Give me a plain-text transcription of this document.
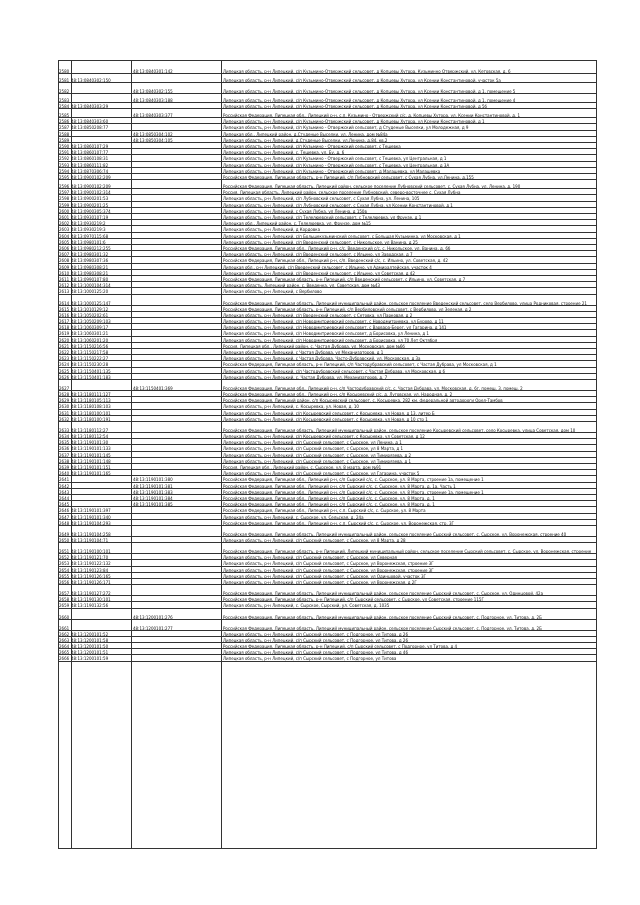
2580	48:13:0840301:142	Липецкая область, р-н Липецкий, с/п Кузьмино-Отвержский сельсовет, д Копцевы Хутора, Кузьминно Отвержский, ул. Кетовская, д. 6
2581 48:13:0840302:150	Липецкая область, р-н Липецкий, с/п Кузьмино-Отвержский сельсовет, д Копцевы Хутора, ул Ксении Константиновой, участок 5а
2582	48:13:0840302:155	Липецкая область, р-н Липецкий, с/п Кузьмино-Отвержский сельсовет, д Копцевы Хутора, ул Ксении Константиновой, д 1, помещение 5
2583	48:13:0840303:188	Липецкая область, р-н Липецкий, с/п Кузьмино-Отвержский сельсовет, д Копцевы Хутора, ул Ксении Константиновой, д 1, помещение 4
2584 48:13:0840303:29	Липецкая область, р-н Липецкий, с/п Кузьмино-Отвержский сельсовет, д Копцевы Хутора, ул Ксении Константиновой, д 5б
2585	48:13:0840303:377	Российская Федерация, Липецкая обл., Липецкий р-н, с.п. Кузьмино - Отвержский с/с, д. Копцевы Хутора, ул. Ксении Константиновой, д. 1
2586 48:13:0840303:60	Липецкая область, р-н Липецкий, с/п Кузьмино-Отвержский сельсовет, д Копцевы Хутора, ул Ксении Константиновой, д 1
2587 48:13:0850208:77	Липецкая область, р-н Липецкий, с/п Кузьмино - Отвержский сельсовет, д Студеные Выселки, ул Молодежная, д 9
2588	48:13:0850304:102	Липецкая обл., Липецкий район, д.Студеные Выселки, ул. Ленина, дом №84а
2589	48:13:0850304:105	Липецкая область, р-н Липецкий, д.Студеные Выселки, ул.Ленина, д.84, кв.2
2590 48:13:0860107:29	Липецкая область, р-н Липецкий, с/п Кузьмино - Отвержский сельсовет, с Тешевка
2591 48:13:0860107:77	Липецкая область, р-н Липецкий, с. Тешевка, ул. Бу, д. 6
2592 48:13:0860108:31	Липецкая область, р-н Липецкий, с/п Кузьмино - Отвержский сельсовет, с Тешевка, ул Центральная, д 1
2593 48:13:0860111:82	Липецкая область, р-н Липецкий, с/п Кузьмино - Отвержский сельсовет, с Тешевка, ул Центральная, д 3А
2594 48:13:0870306:74	Липецкая область, р-н Липецкий, с/п Кузьмино - Отвержский сельсовет, д Малашевка, ул Малашевка
2595 48:13:0900102:209	Российская Федерация, Липецкая область, р-н Липецкий, с/п Лубновский сельсовет, с Сухая Лубна, ул.Ленина, д.155
2596 48:13:0900102:209	Российская Федерация, Липецкая область, Липецкий район, сельское поселение Лубновский сельсовет, с. Сухая Лубна, ул. Ленина, д. 190
2597 48:13:0900102:314	Россия, Липецкая область, Липецкий район, сельское поселение Лубновский, северо-восточнее с. Сухая Лубна
2598 48:13:0900201:53	Липецкая область, р-н Липецкий, с/п Лубновский сельсовет, с Сухая Лубна, ул. Ленина, 105
2599 48:13:0900201:25	Липецкая область, р-н Липецкий, с/п Лубновский сельсовет, с Сухая Лубна, ул Ксении Константиновой, д 1
2600 48:13:0900305:374	Липецкая область, р-н Липецкий, с Сухая Лубна, ул Ленина, д 150в
2601 48:13:0930107:19	Липецкая область, р-н Липецкий, с/п Телелюевский сельсовет, с Телелюевка, ул Фрунзе, д 1
2602 48:13:0930219:2	Липецкая обл., Липецкий район, с. Телелюевка, ул. Фрунзе, дом №15
2603 48:13:0930219:3	Липецкая область, р-н Липецкий, д Кордовка
2604 48:13:0970115:68	Липецкая область, р-н Липецкий, с/п Большекузьминский сельсовет, с Большая Кузьминка, ул Московская, д 1
2605 48:13:0980101:6	Липецкая область, р-н Липецкий, с/п Введенский сельсовет, с Никольское, ул Ванина, д 25
2606 48:13:0980212:255	Российская Федерация, Липецкая обл., Липецкий р-н, с/с. Введенский с/с, с. Никольское, ул. Ванина, д. 6б
2607 48:13:0980301:32	Липецкая область, р-н Липецкий, с/п Введенский сельсовет, с Ильино, ул Заводская, д 7
2608 48:13:0980307:36	Российская Федерация, Липецкая обл., Липецкий р-н, с/п. Введенский с/с, с. Ильино, ул. Советская, д. 42
2609 48:13:0980308:21	Липецкая обл., р-н Липецкий, с/п Введенский сельсовет, с Ильино, ул Адмиралтейская, участок 4
2610 48:13:0980308:21	Липецкая область, р-н Липецкий, с/п Введенский сельсовет, с Ильино, ул Советская, д 42
2611 48:13:0990107:80	Российская Федерация, Липецкая область, р-н Липецкий, с/п Введенский сельсовет, с Ильино, ул. Советская, д 7
2612 48:13:1000104:314	Липецкая область, Липецкий район, с. Введенка, ул. Советская, дом №43
2613 48:13:1000125:20	Липецкая область, р-н Липецкий, с Вербилово
2614 48:13:1000125:147	Российская Федерация, Липецкая область, Липецкий муниципальный район, сельское поселение Введенский сельсовет, село Вербилово, улица Родниковая, строение 21
2615 48:13:1010129:12	Российская Федерация, Липецкая область, р-н Липецкий, с/п Вербиловский сельсовет, с Вербилово, ул Зеленая, д 2
2616 48:13:1050202:61	Липецкая область, р-н Липецкий, с/п Введенский сельсовет, с Сетовка, ул Парковая, д 2
2617 48:13:1050209:103	Липецкая область, р-н Липецкий, с/п Новодмитриевский сельсовет, с Новодмитриевка, ул Бурово, д 11
2618 48:13:1060309:17	Липецкая область, р-н Липецкий, с/п Новодмитриевский сельсовет, с Варвара-Берег, ул Гагарина, д 141
2619 48:13:1060301:21	Липецкая область, р-н Липецкий, с/п Новодмитриевский сельсовет, д Борисовка, ул Ленина, д 1
2620 48:13:1060201:20	Липецкая область, р-н Липецкий, с/п Новодмитриевский сельсовет, д Борисовка, ул 70 Лет Октября
2621 48:13:1150216:56	Россия, Липецкая обл., Липецкий район, с. Частая Дубрава, ул. Московская, дом №6б
2622 48:13:1150217:58	Липецкая область, р-н Липецкий, с Частая Дубрава, ул Механизаторов, д 1
2623 48:13:1150222:27	Липецкая область, р-н Липецкий, с Частая Дубрава, Часто-Дубравский, ул. Московская, д 3а
2624 48:13:1150230:28	Российская Федерация, Липецкая область, р-н Липецкий, с/п Частодубравский сельсовет, с Частая Дубрава, ул Московская, д 1
2625 48:13:1150401:135	Липецкая область, р-н Липецкий, с/п Частодубравский сельсовет, с Частая Дубрава, ул Московская, д 6
2626 48:13:1150401:183	Липецкая область, р-н Липецкий, с. Частая Дубрава, ул. Механизаторов, д. 7
2627	48:13:1150401:369	Российская Федерация, Липецкая обл., Липецкий р-н, с/п Частодубравский с/с, с. Частая Дубрава, ул. Московская, д. 6г, помещ. 3, помещ. 2
2628 48:13:1180111:127	Российская Федерация, Липецкая обл., Липецкий р-н, с/п Косыревский с/с, д. Луговская, ул. Народная, д. 2
2629 48:13:1180105:113	Российская Федерация, Липецкий район, с/п Косыревский сельсовет, с. Косыревка, 282 км. федеральной автодороги Орел-Тамбов
2630 48:13:1180108:103	Липецкая область, р-н Липецкий, с. Косыревка, ул. Новая, д. 10
2631 48:13:1180100:101	Липецкая область, р-н Липецкий, с/п Косыревский сельсовет, с Косыревка, ул Новая, д 13, литер Б
2632 48:13:1180100:191	Липецкая область, р-н Липецкий, с/п Косыревский сельсовет, с Косыревка, ул Новая, д 10 стр 1
2633 48:13:1180112:27	Российская Федерация, Липецкая область, Липецкий муниципальный район, сельское поселение Косыревский сельсовет, село Косыревка, улица Советская, дом 10
2634 48:13:1180112:54	Липецкая область, р-н Липецкий, с/п Косыревский сельсовет, с Косыревка, ул Советская, д 12
2635 48:13:1190101:30	Липецкая область, р-н Липецкий, с/п Сырский сельсовет, с Сырское, ул Ленина, д 1
2636 48:13:1190101:133	Липецкая область, р-н Липецкий, с/п Сырский сельсовет, с Сырское, ул 8 Марта, д 1
2637 48:13:1190101:145	Липецкая область, р-н Липецкий, с/п Сырский сельсовет, с Сырское, ул Тимирязева, д 2
2638 48:13:1190101:148	Липецкая область, р-н Липецкий, с/п Сырский сельсовет, с Сырское, ул Тимирязева, д 1
2639 48:13:1190101:151	Россия, Липецкая обл., Липецкий район, с. Сырское, ул. 8 марта, дом №91
2640 48:13:1190101:165	Липецкая область, р-н Липецкий, с/п Сырский сельсовет, с Сырское, ул Гагарина, участок 5
2641	48:13:1190101:380	Российская Федерация, Липецкая обл., Липецкий р-н, с/п Сырский с/с, с. Сырское, ул. 8 Марта, строение 1а, помещение 1
2642	48:13:1190101:381	Российская Федерация, Липецкая обл., Липецкий р-н, с/п Сырский с/с, с. Сырское, ул. 8 Марта, д. 1а, Часть 1
2643	48:13:1190101:383	Российская Федерация, Липецкая обл., Липецкий р-н, с/п Сырский с/с, с. Сырское, ул. 8 Марта, строение 1а, помещение 1
2644	48:13:1190101:384	Российская Федерация, Липецкая обл., Липецкий р-н, с/п Сырский с/с, с. Сырское, ул. 8 Марта, д. 1
2645	48:13:1190101:385	Российская Федерация, Липецкая обл., Липецкий р-н, с/п Сырский с/с, с. Сырское, ул. 8 Марта, д. 1
2646 48:13:1190101:397	Российская Федерация, Липецкая обл., Липецкий р-н, с.п. Сырский с/с, с. Сырское, ул. 8 Марта
2647 48:13:1190101:340	Липецкая область, р-н Липецкий, с. Сырское, ул. Сельская, д. 24а
2648 48:13:1190104:293	Российская Федерация, Липецкая обл., Липецкий р-н, с.п. Сырский с/с, с. Сырское, ул. Воронежская, стр. 3Г
2649 48:13:1190104:258	Российская Федерация, Липецкая область, Липецкий муниципальный район, сельское поселение Сырский сельсовет, с. Сырское, ул. Воронежская, строение 40
2650 48:13:1190104:71	Липецкая область, р-н Липецкий, с/п Сырский сельсовет, с Сырское, ул 8 Марта, д 28
2651 48:13:1190100:101	Российская Федерация, Липецкая область, р-н Липецкий, Липецкий муниципальный район, сельское поселение Сырский сельсовет, с. Сырское, ул. Воронежская, строение
2652 48:13:1190121:70	Липецкая область, р-н Липецкий, с/п Сырский сельсовет, с Сырское, ул Северная
2653 48:13:1190122:132	Липецкая область, р-н Липецкий, с/п Сырский сельсовет, с Сырское, ул Воронежская, строение 3Г
2654 48:13:1190123:84	Липецкая область, р-н Липецкий, с/п Сырский сельсовет, с Сырское, ул Воронежская, строение 3Г
2655 48:13:1190126:165	Липецкая область, р-н Липецкий, с/п Сырский сельсовет, с Сырское, ул Одинцовой, участок 3Г
2656 48:13:1190126:171	Липецкая область, р-н Липецкий, с/п Сырский сельсовет, с Сырское, ул Воронежская, д 2Г
2657 48:13:1190127:272	Российская Федерация, Липецкая область, Липецкий муниципальный район, сельское поселение Сырский сельсовет, с. Сырское, ул. Одинцовой, 42а
2658 48:13:1190130:101	Российская Федерация, Липецкая область, р-н Липецкий, с/п Сырский сельсовет, с Сырское, ул Советская, строение 115Г
2659 48:13:1190132:56	Липецкая область, р-н Липецкий, с. Сырское, Сырский, ул. Советская, д. 1035
2660	48:13:1200101:276	Российская Федерация, Липецкая область, Липецкий муниципальный район, сельское поселение Сырский сельсовет, с. Подгорное, ул. Титова, д. 2Б
2661	48:13:1200101:277	Российская Федерация, Липецкая область, Липецкий муниципальный район, сельское поселение Сырский сельсовет, с. Подгорное, ул. Титова, д. 2Б
2662 48:13:1200101:52	Липецкая область, р-н Липецкий, с/п Сырский сельсовет, с Подгорное, ул Титова, д 26
2663 48:13:1200101:58	Липецкая область, р-н Липецкий, с/п Сырский сельсовет, с Подгорное, ул Титова, д 26
2664 48:13:1200101:50	Российская Федерация, Липецкая область, р-н Липецкий, с/п Сырский сельсовет, с Подгорное, ул Титова, д 4
2665 48:13:1200101:51	Липецкая область, р-н Липецкий, с/п Сырский сельсовет, с Подгорное, ул Титова, д 46
2666 48:13:1200101:59	Липецкая область, р-н Липецкий, с/п Сырский сельсовет, с Подгорное, ул Титова
